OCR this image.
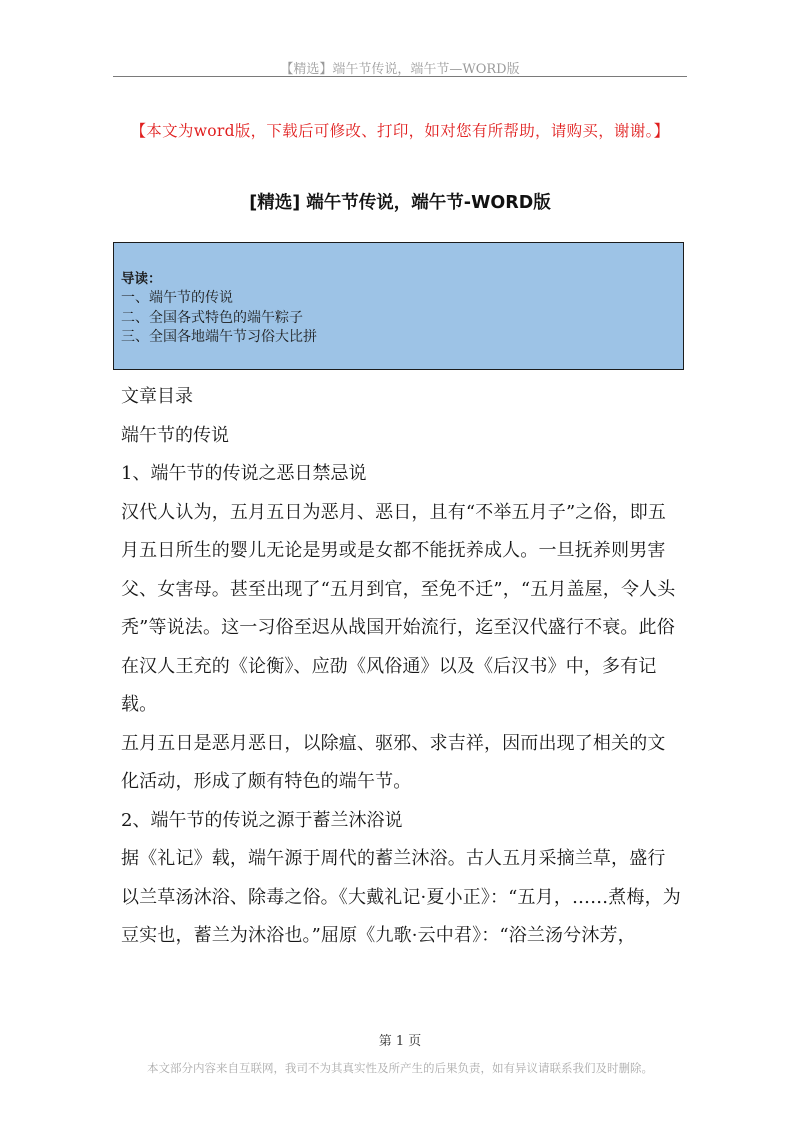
【精选】端午节传说，端午节—WORD版
【本文为word版，下载后可修改、打印，如对您有所帮助，请购买，谢谢。】
[精选] 端午节传说，端午节-WORD版
导读：
一、端午节的传说
二、全国各式特色的端午粽子
三、全国各地端午节习俗大比拼
文章目录
端午节的传说
1、端午节的传说之恶日禁忌说
汉代人认为，五月五日为恶月、恶日，且有“不举五月子”之俗，即五月五日所生的婴儿无论是男或是女都不能抚养成人。一旦抚养则男害父、女害母。甚至出现了“五月到官，至免不迁”，“五月盖屋，令人头秃”等说法。这一习俗至迟从战国开始流行，迄至汉代盛行不衰。此俗在汉人王充的《论衡》、应劭《风俗通》以及《后汉书》中，多有记载。
五月五日是恶月恶日，以除瘟、驱邪、求吉祥，因而出现了相关的文化活动，形成了颇有特色的端午节。
2、端午节的传说之源于蓄兰沐浴说
据《礼记》载，端午源于周代的蓄兰沐浴。古人五月采摘兰草，盛行以兰草汤沐浴、除毒之俗。《大戴礼记·夏小正》：“五月，……煮梅，为豆实也，蓄兰为沐浴也。”屈原《九歌·云中君》：“浴兰汤兮沐芳，
第 1 页
本文部分内容来自互联网，我司不为其真实性及所产生的后果负责，如有异议请联系我们及时删除。
